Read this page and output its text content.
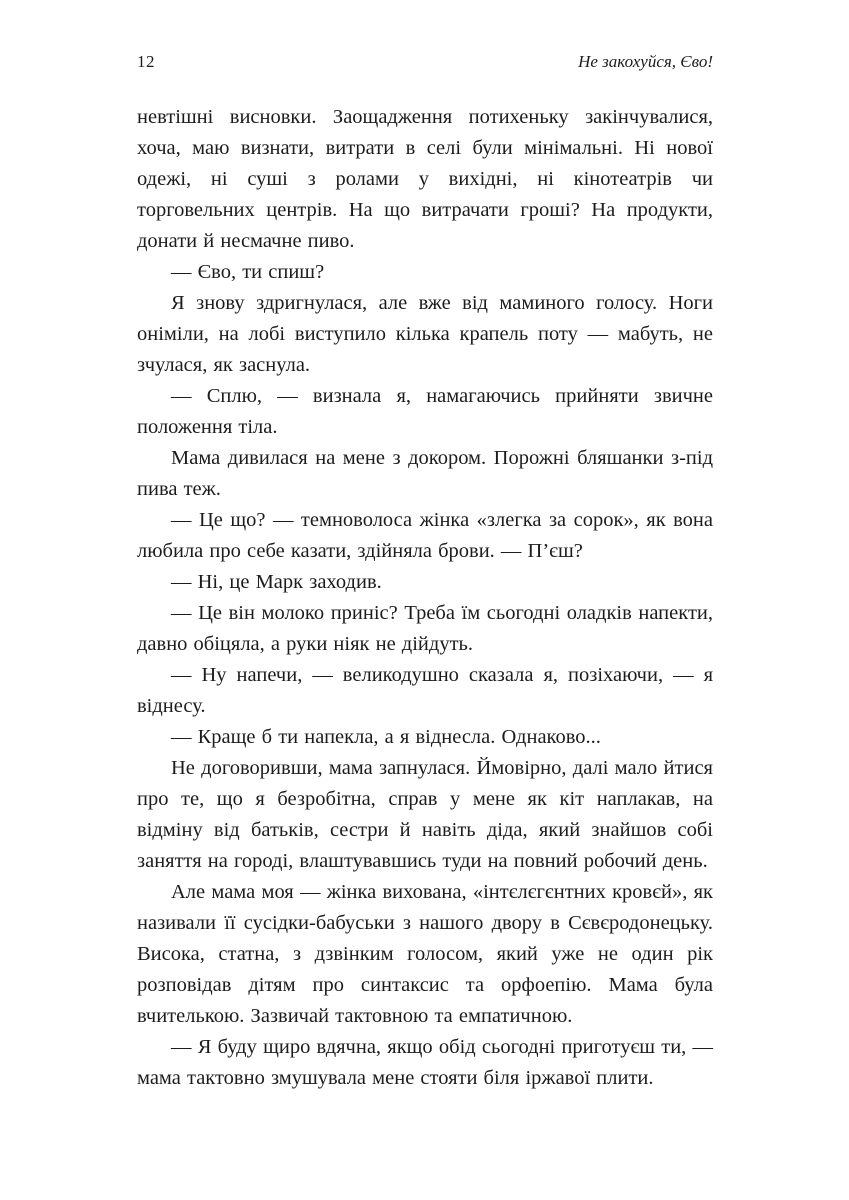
12	Не закохуйся, Єво!

невтішні висновки. Заощадження потихеньку закінчувалися, хоча, маю визнати, витрати в селі були мінімальні. Ні нової одежі, ні суші з ролами у вихідні, ні кінотеатрів чи торговельних центрів. На що витрачати гроші? На продукти, донати й несмачне пиво.

— Єво, ти спиш?

Я знову здригнулася, але вже від маминого голосу. Ноги оніміли, на лобі виступило кілька крапель поту — мабуть, не зчулася, як заснула.

— Сплю, — визнала я, намагаючись прийняти звичне положення тіла.

Мама дивилася на мене з докором. Порожні бляшанки з-під пива теж.

— Це що? — темноволоса жінка «злегка за сорок», як вона любила про себе казати, здійняла брови. — П’єш?

— Ні, це Марк заходив.

— Це він молоко приніс? Треба їм сьогодні оладків напекти, давно обіцяла, а руки ніяк не дійдуть.

— Ну напечи, — великодушно сказала я, позіхаючи, — я віднесу.

— Краще б ти напекла, а я віднесла. Однаково...

Не договоривши, мама запнулася. Ймовірно, далі мало йтися про те, що я безробітна, справ у мене як кіт наплакав, на відміну від батьків, сестри й навіть діда, який знайшов собі заняття на городі, влаштувавшись туди на повний робочий день.

Але мама моя — жінка вихована, «інтєлєгєнтних кровєй», як називали її сусідки-бабуськи з нашого двору в Сєвєродонецьку. Висока, статна, з дзвінким голосом, який уже не один рік розповідав дітям про синтаксис та орфоепію. Мама була вчителькою. Зазвичай тактовною та емпатичною.

— Я буду щиро вдячна, якщо обід сьогодні приготуєш ти, — мама тактовно змушувала мене стояти біля іржавої плити.
